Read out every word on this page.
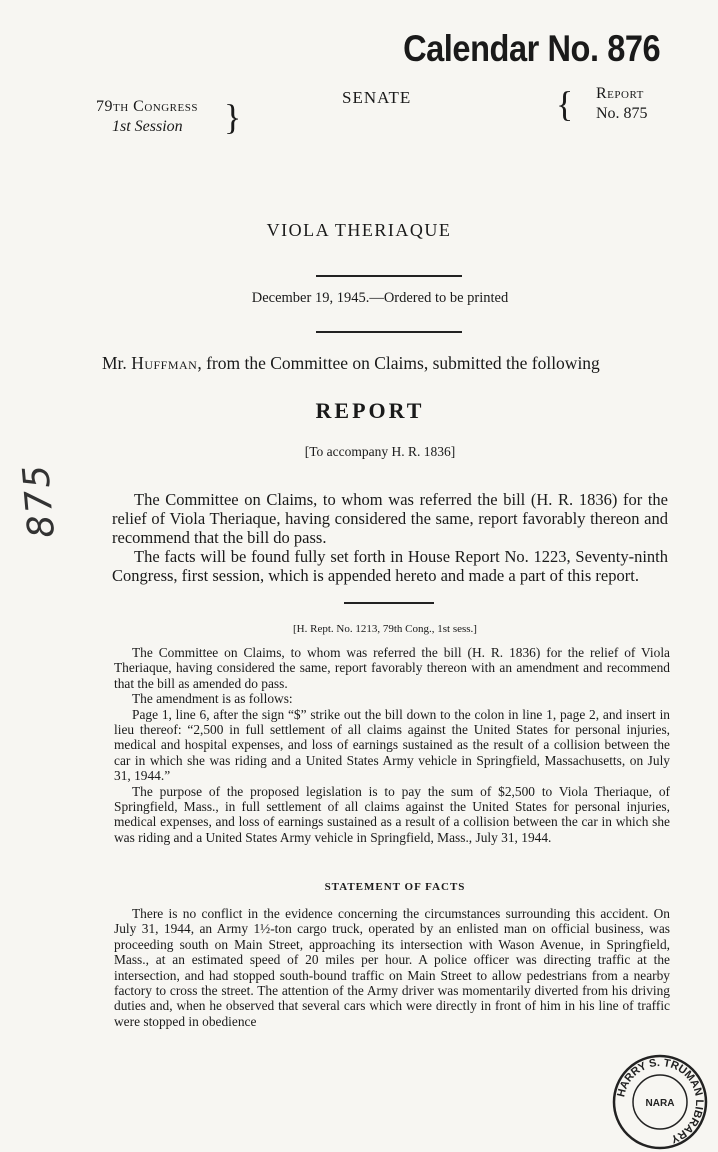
Calendar No. 876
79th Congress
1st Session	}	SENATE	{ Report
No. 875
VIOLA THERIAQUE
December 19, 1945.—Ordered to be printed
Mr. Huffman, from the Committee on Claims, submitted the following
REPORT
[To accompany H. R. 1836]

The Committee on Claims, to whom was referred the bill (H. R. 1836) for the relief of Viola Theriaque, having considered the same, report favorably thereon and recommend that the bill do pass.

The facts will be found fully set forth in House Report No. 1223, Seventy-ninth Congress, first session, which is appended hereto and made a part of this report.

[H. Rept. No. 1213, 79th Cong., 1st sess.]

The Committee on Claims, to whom was referred the bill (H. R. 1836) for the relief of Viola Theriaque, having considered the same, report favorably thereon with an amendment and recommend that the bill as amended do pass.

The amendment is as follows:

Page 1, line 6, after the sign “$” strike out the bill down to the colon in line 1, page 2, and insert in lieu thereof: “2,500 in full settlement of all claims against the United States for personal injuries, medical and hospital expenses, and loss of earnings sustained as the result of a collision between the car in which she was riding and a United States Army vehicle in Springfield, Massachusetts, on July 31, 1944.”

The purpose of the proposed legislation is to pay the sum of $2,500 to Viola Theriaque, of Springfield, Mass., in full settlement of all claims against the United States for personal injuries, medical expenses, and loss of earnings sustained as a result of a collision between the car in which she was riding and a United States Army vehicle in Springfield, Mass., July 31, 1944.

STATEMENT OF FACTS

There is no conflict in the evidence concerning the circumstances surrounding this accident. On July 31, 1944, an Army 1½-ton cargo truck, operated by an enlisted man on official business, was proceeding south on Main Street, approaching its intersection with Wason Avenue, in Springfield, Mass., at an estimated speed of 20 miles per hour. A police officer was directing traffic at the intersection, and had stopped south-bound traffic on Main Street to allow pedestrians from a nearby factory to cross the street. The attention of the Army driver was momentarily diverted from his driving duties and, when he observed that several cars which were directly in front of him in his line of traffic were stopped in obedience

875
HARRY S. TRUMAN LIBRARY
NARA
